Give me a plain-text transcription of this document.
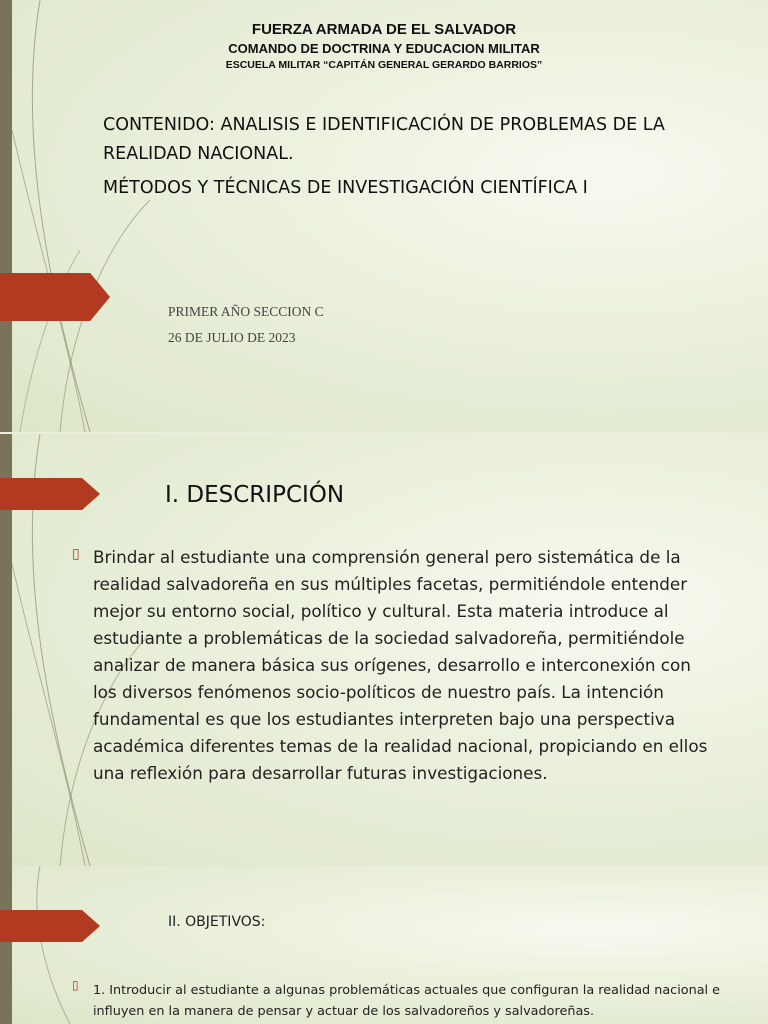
FUERZA ARMADA DE EL SALVADOR
COMANDO DE DOCTRINA Y EDUCACION MILITAR
ESCUELA MILITAR “CAPITÁN GENERAL GERARDO BARRIOS”
CONTENIDO: ANALISIS E IDENTIFICACIÓN DE PROBLEMAS DE LA
REALIDAD NACIONAL.
MÉTODOS Y TÉCNICAS DE INVESTIGACIÓN CIENTÍFICA I
PRIMER AÑO SECCION C
26 DE JULIO DE 2023
I. DESCRIPCIÓN
▯ Brindar al estudiante una comprensión general pero sistemática de la realidad salvadoreña en sus múltiples facetas, permitiéndole entender mejor su entorno social, político y cultural. Esta materia introduce al estudiante a problemáticas de la sociedad salvadoreña, permitiéndole analizar de manera básica sus orígenes, desarrollo e interconexión con los diversos fenómenos socio-políticos de nuestro país. La intención fundamental es que los estudiantes interpreten bajo una perspectiva académica diferentes temas de la realidad nacional, propiciando en ellos una reflexión para desarrollar futuras investigaciones.
II. OBJETIVOS:
▯ 1. Introducir al estudiante a algunas problemáticas actuales que configuran la realidad nacional e influyen en la manera de pensar y actuar de los salvadoreños y salvadoreñas.
